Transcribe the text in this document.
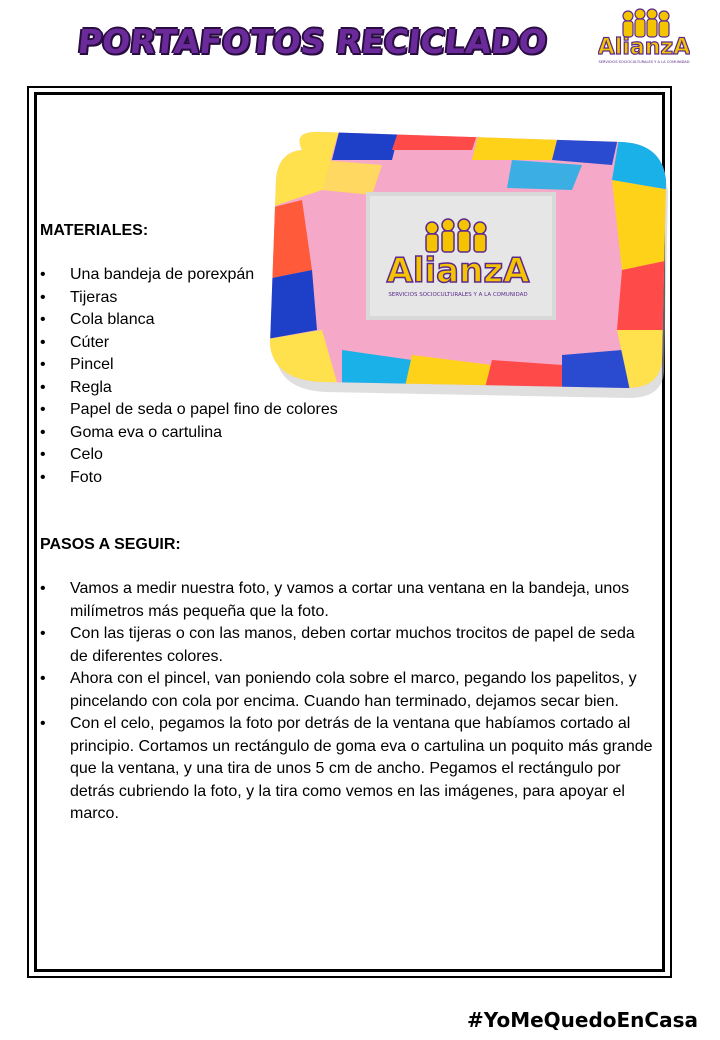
PORTAFOTOS RECICLADO AlianzA
SERVICIOS SOCIOCULTURALES Y A LA COMUNIDAD
AlianzA
SERVICIOS SOCIOCULTURALES Y A LA COMUNIDAD
MATERIALES:
• Una bandeja de porexpán
• Tijeras
• Cola blanca
• Cúter
• Pincel
• Regla
• Papel de seda o papel fino de colores
• Goma eva o cartulina
• Celo
• Foto
PASOS A SEGUIR:
• Vamos a medir nuestra foto, y vamos a cortar una ventana en la bandeja, unos milímetros más pequeña que la foto.
• Con las tijeras o con las manos, deben cortar muchos trocitos de papel de seda de diferentes colores.
• Ahora con el pincel, van poniendo cola sobre el marco, pegando los papelitos, y pincelando con cola por encima. Cuando han terminado, dejamos secar bien.
• Con el celo, pegamos la foto por detrás de la ventana que habíamos cortado al principio. Cortamos un rectángulo de goma eva o cartulina un poquito más grande que la ventana, y una tira de unos 5 cm de ancho. Pegamos el rectángulo por detrás cubriendo la foto, y la tira como vemos en las imágenes, para apoyar el marco.
#YoMeQuedoEnCasa
